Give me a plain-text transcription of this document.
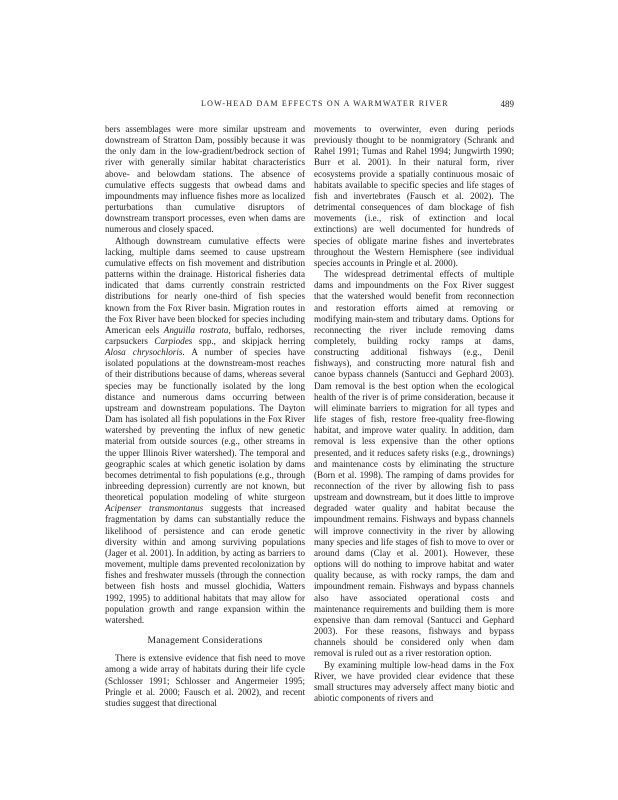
LOW-HEAD DAM EFFECTS ON A WARMWATER RIVER	489

bers assemblages were more similar upstream and downstream of Stratton Dam, possibly because it was the only dam in the low-gradient/bedrock section of river with generally similar habitat characteristics above- and belowdam stations. The absence of cumulative effects suggests that owbead dams and impoundments may influence fishes more as localized perturbations than cumulative disruptors of downstream transport processes, even when dams are numerous and closely spaced.

Although downstream cumulative effects were lacking, multiple dams seemed to cause upstream cumulative effects on fish movement and distribution patterns within the drainage. Historical fisheries data indicated that dams currently constrain restricted distributions for nearly one-third of fish species known from the Fox River basin. Migration routes in the Fox River have been blocked for species including American eels Anguilla rostrata, buffalo, redhorses, carpsuckers Carpiodes spp., and skipjack herring Alosa chrysochloris. A number of species have isolated populations at the downstream-most reaches of their distributions because of dams, whereas several species may be functionally isolated by the long distance and numerous dams occurring between upstream and downstream populations. The Dayton Dam has isolated all fish populations in the Fox River watershed by preventing the influx of new genetic material from outside sources (e.g., other streams in the upper Illinois River watershed). The temporal and geographic scales at which genetic isolation by dams becomes detrimental to fish populations (e.g., through inbreeding depression) currently are not known, but theoretical population modeling of white sturgeon Acipenser transmontanus suggests that increased fragmentation by dams can substantially reduce the likelihood of persistence and can erode genetic diversity within and among surviving populations (Jager et al. 2001). In addition, by acting as barriers to movement, multiple dams prevented recolonization by fishes and freshwater mussels (through the connection between fish hosts and mussel glochidia, Watters 1992, 1995) to additional habitats that may allow for population growth and range expansion within the watershed.

Management Considerations

There is extensive evidence that fish need to move among a wide array of habitats during their life cycle (Schlosser 1991; Schlosser and Angermeier 1995; Pringle et al. 2000; Fausch et al. 2002), and recent studies suggest that directional

movements to overwinter, even during periods previously thought to be nonmigratory (Schrank and Rahel 1991; Tumas and Rahel 1994; Jungwirth 1990; Burr et al. 2001). In their natural form, river ecosystems provide a spatially continuous mosaic of habitats available to specific species and life stages of fish and invertebrates (Fausch et al. 2002). The detrimental consequences of dam blockage of fish movements (i.e., risk of extinction and local extinctions) are well documented for hundreds of species of obligate marine fishes and invertebrates throughout the Western Hemisphere (see individual species accounts in Pringle et al. 2000).

The widespread detrimental effects of multiple dams and impoundments on the Fox River suggest that the watershed would benefit from reconnection and restoration efforts aimed at removing or modifying main-stem and tributary dams. Options for reconnecting the river include removing dams completely, building rocky ramps at dams, constructing additional fishways (e.g., Denil fishways), and constructing more natural fish and canoe bypass channels (Santucci and Gephard 2003). Dam removal is the best option when the ecological health of the river is of prime consideration, because it will eliminate barriers to migration for all types and life stages of fish, restore free-quality free-flowing habitat, and improve water quality. In addition, dam removal is less expensive than the other options presented, and it reduces safety risks (e.g., drownings) and maintenance costs by eliminating the structure (Born et al. 1998). The ramping of dams provides for reconnection of the river by allowing fish to pass upstream and downstream, but it does little to improve degraded water quality and habitat because the impoundment remains. Fishways and bypass channels will improve connectivity in the river by allowing many species and life stages of fish to move to over or around dams (Clay et al. 2001). However, these options will do nothing to improve habitat and water quality because, as with rocky ramps, the dam and impoundment remain. Fishways and bypass channels also have associated operational costs and maintenance requirements and building them is more expensive than dam removal (Santucci and Gephard 2003). For these reasons, fishways and bypass channels should be considered only when dam removal is ruled out as a river restoration option.

By examining multiple low-head dams in the Fox River, we have provided clear evidence that these small structures may adversely affect many biotic and abiotic components of rivers and
